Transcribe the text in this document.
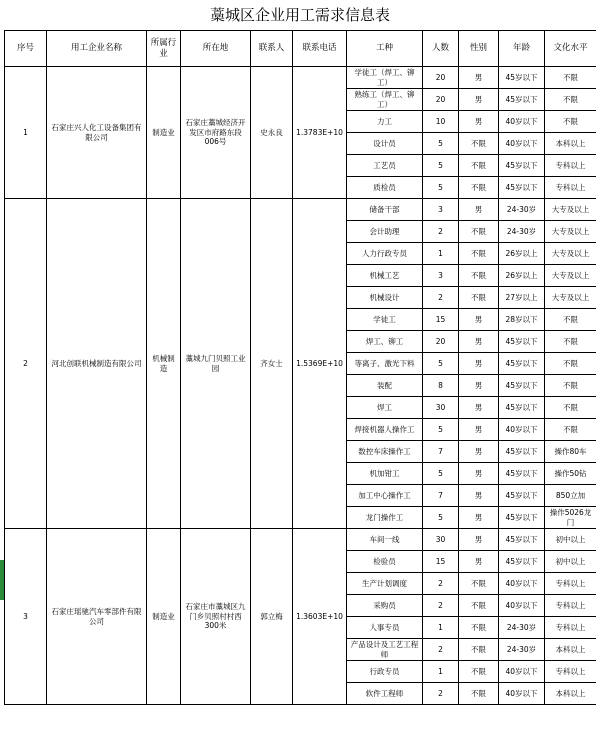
藁城区企业用工需求信息表
序号	用工企业名称	所属行业	所在地	联系人	联系电话	工种	人数	性别	年龄	文化水平
1	石家庄兴人化工设备集团有限公司	制造业	石家庄藁城经济开发区市府路东段006号	史永良	1.3783E+10	学徒工（焊工、铆工）	20	男	45岁以下	不限
						熟练工（焊工、铆工）	20	男	45岁以下	不限
						力工	10	男	40岁以下	不限
						设计员	5	不限	40岁以下	本科以上
						工艺员	5	不限	45岁以下	专科以上
						质检员	5	不限	45岁以下	专科以上
2	河北创联机械制造有限公司	机械制造	藁城九门贝照工业园	齐女士	1.5369E+10	储备干部	3	男	24-30岁	大专及以上
						会计助理	2	不限	24-30岁	大专及以上
						人力行政专员	1	不限	26岁以上	大专及以上
						机械工艺	3	不限	26岁以上	大专及以上
						机械设计	2	不限	27岁以上	大专及以上
						学徒工	15	男	28岁以下	不限
						焊工、铆工	20	男	45岁以下	不限
						等离子、激光下料	5	男	45岁以下	不限
						装配	8	男	45岁以下	不限
						焊工	30	男	45岁以下	不限
						焊接机器人操作工	5	男	40岁以下	不限
						数控车床操作工	7	男	45岁以下	操作80车
						机加钳工	5	男	45岁以下	操作50钻
						加工中心操作工	7	男	45岁以下	850立加
						龙门操作工	5	男	45岁以下	操作5026龙门
3	石家庄瑶驰汽车零部件有限公司	制造业	石家庄市藁城区九门乡贝照村村西300米	郭立梅	1.3603E+10	车间一线	30	男	45岁以下	初中以上
						检验员	15	男	45岁以下	初中以上
						生产计划调度	2	不限	40岁以下	专科以上
						采购员	2	不限	40岁以下	专科以上
						人事专员	1	不限	24-30岁	专科以上
						产品设计及工艺工程师	2	不限	24-30岁	本科以上
						行政专员	1	不限	40岁以下	专科以上
						软件工程师	2	不限	40岁以下	本科以上
